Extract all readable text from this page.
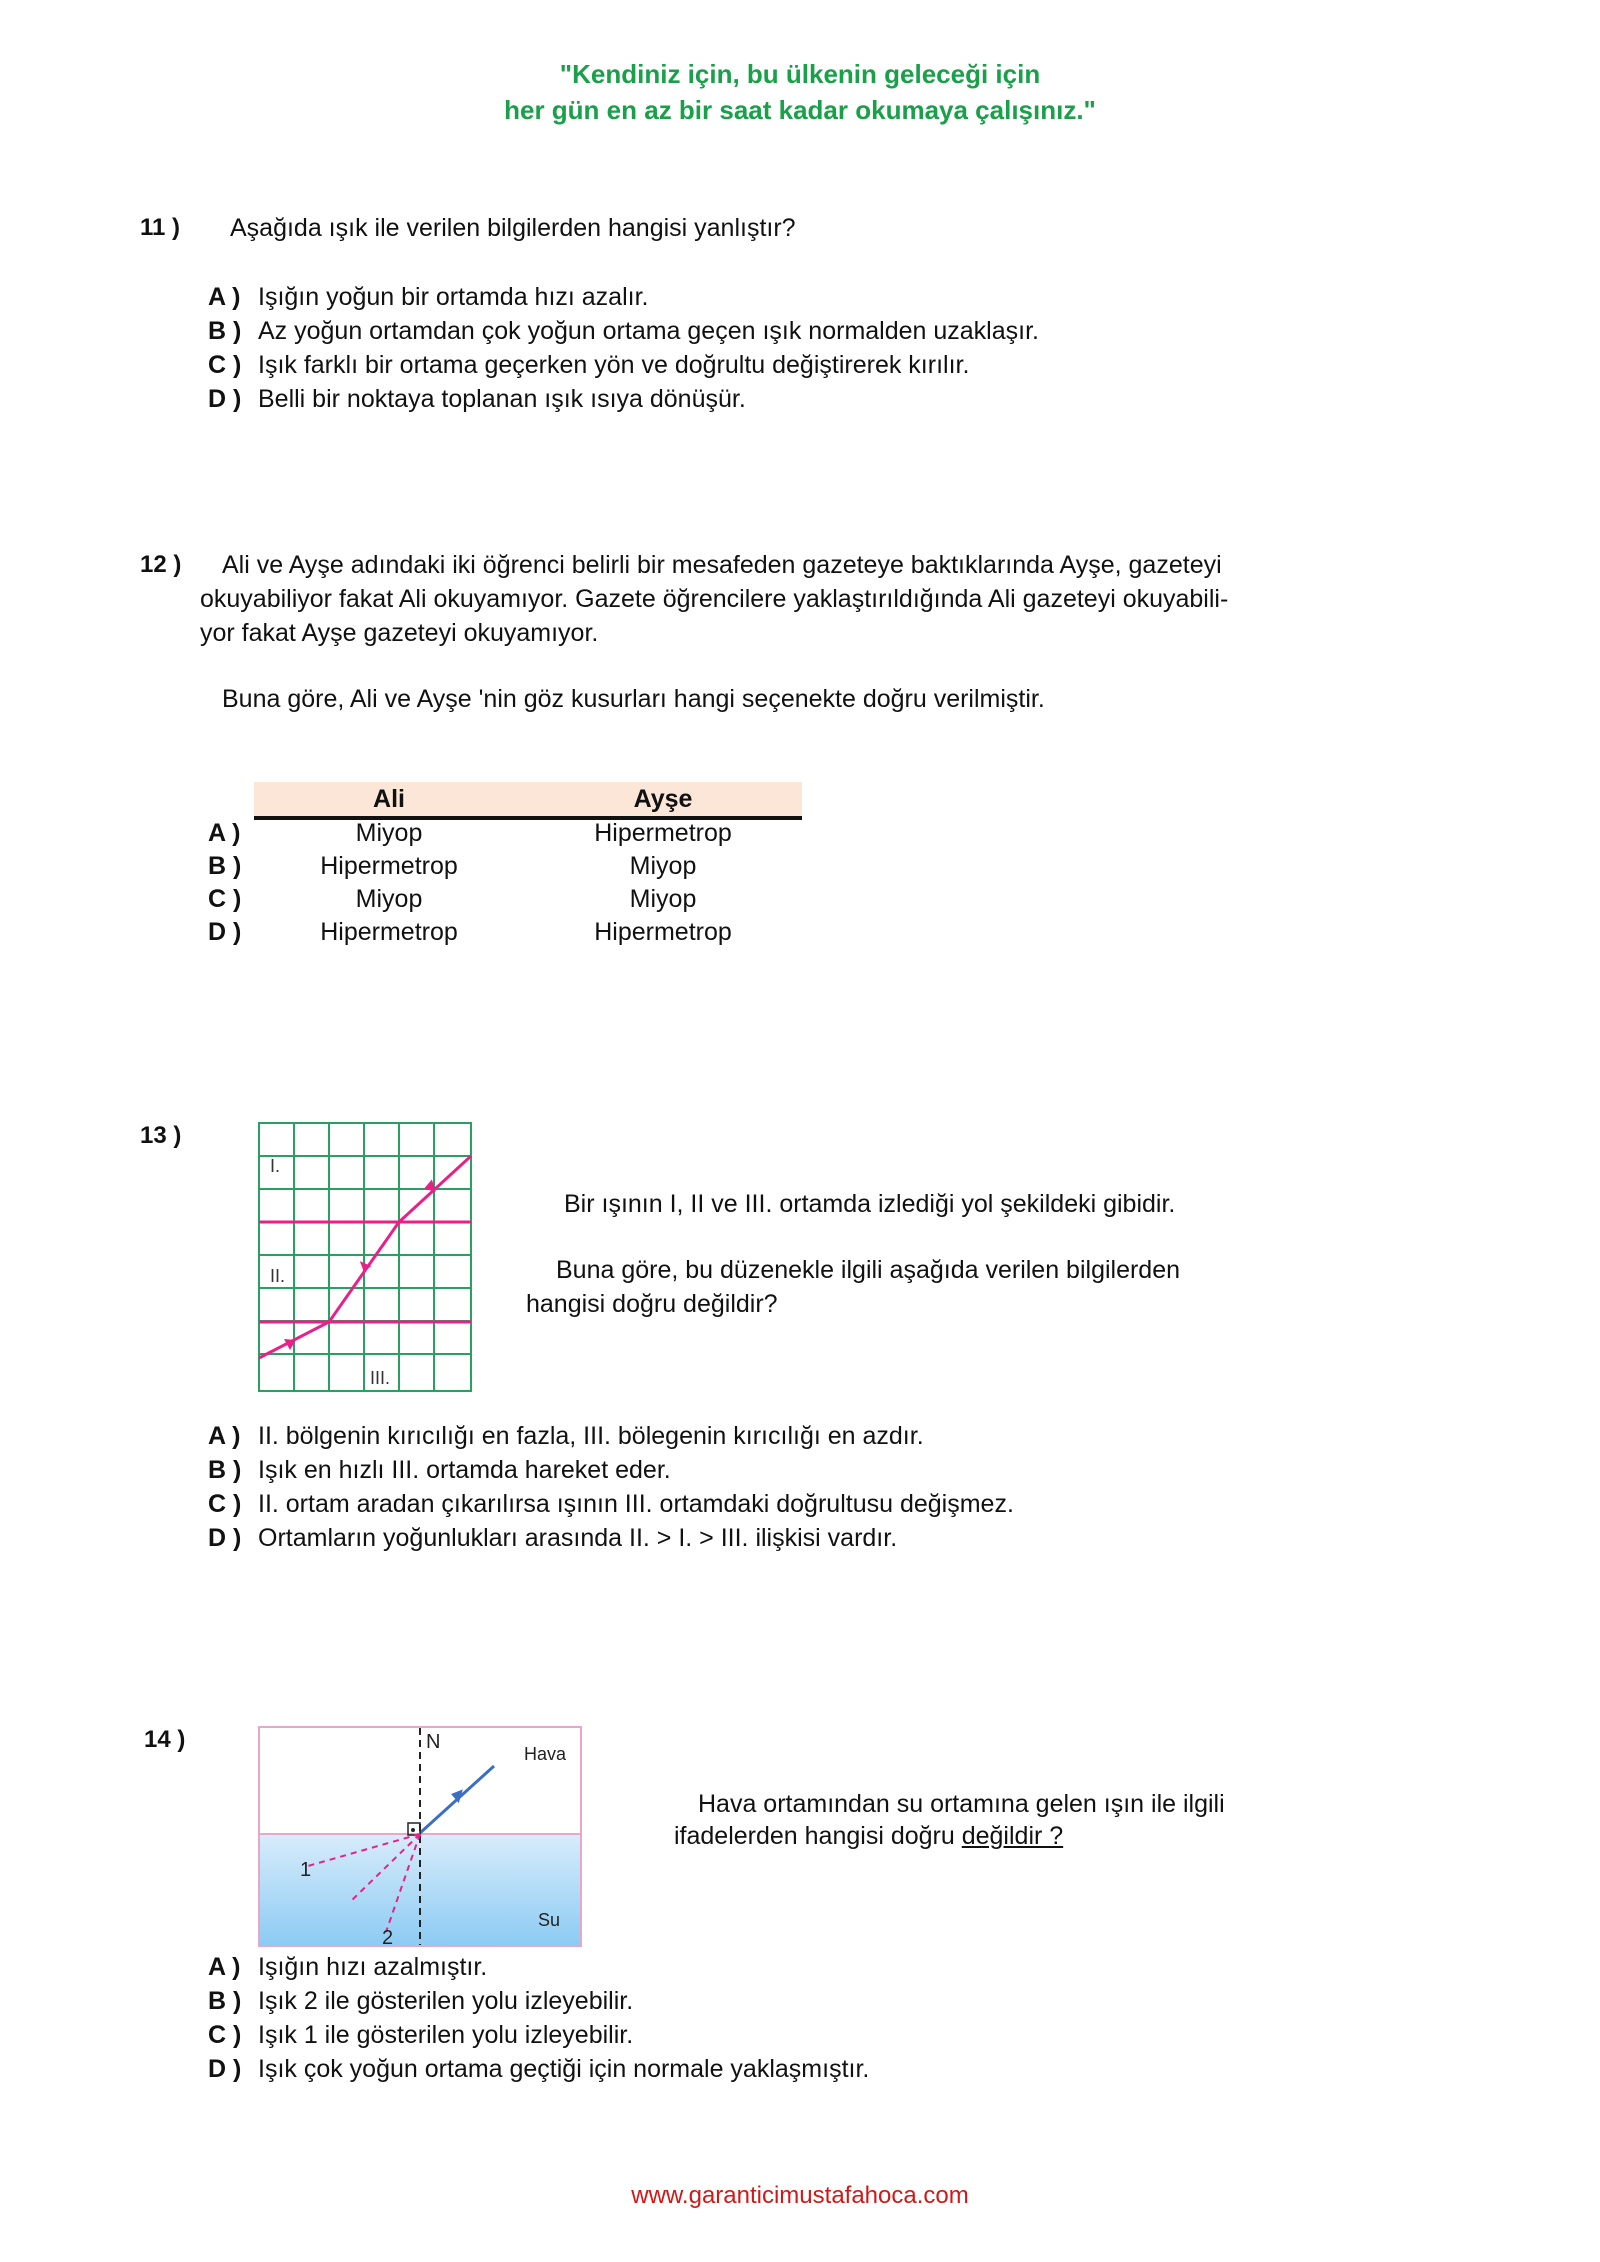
"Kendiniz için, bu ülkenin geleceği için
her gün en az bir saat kadar okumaya çalışınız."
11 ) Aşağıda ışık ile verilen bilgilerden hangisi yanlıştır?
A ) Işığın yoğun bir ortamda hızı azalır.
B ) Az yoğun ortamdan çok yoğun ortama geçen ışık normalden uzaklaşır.
C ) Işık farklı bir ortama geçerken yön ve doğrultu değiştirerek kırılır.
D ) Belli bir noktaya toplanan ışık ısıya dönüşür.
12 ) Ali ve Ayşe adındaki iki öğrenci belirli bir mesafeden gazeteye baktıklarında Ayşe, gazeteyi
okuyabiliyor fakat Ali okuyamıyor. Gazete öğrencilere yaklaştırıldığında Ali gazeteyi okuyabili-
yor fakat Ayşe gazeteyi okuyamıyor.
Buna göre, Ali ve Ayşe 'nin göz kusurları hangi seçenekte doğru verilmiştir.
Ali	Ayşe
A )	Miyop	Hipermetrop
B )	Hipermetrop	Miyop
C )	Miyop	Miyop
D )	Hipermetrop	Hipermetrop
13 )
I.
II.
III.
Bir ışının I, II ve III. ortamda izlediği yol şekildeki gibidir.
Buna göre, bu düzenekle ilgili aşağıda verilen bilgilerden
hangisi doğru değildir?
A ) II. bölgenin kırıcılığı en fazla, III. bölegenin kırıcılığı en azdır.
B ) Işık en hızlı III. ortamda hareket eder.
C ) II. ortam aradan çıkarılırsa ışının III. ortamdaki doğrultusu değişmez.
D ) Ortamların yoğunlukları arasında II. > I. > III. ilişkisi vardır.
14 )	N
Hava
Su
1
2
Hava ortamından su ortamına gelen ışın ile ilgili
ifadelerden hangisi doğru değildir ?
A ) Işığın hızı azalmıştır.
B ) Işık 2 ile gösterilen yolu izleyebilir.
C ) Işık 1 ile gösterilen yolu izleyebilir.
D ) Işık çok yoğun ortama geçtiği için normale yaklaşmıştır.
www.garanticimustafahoca.com
